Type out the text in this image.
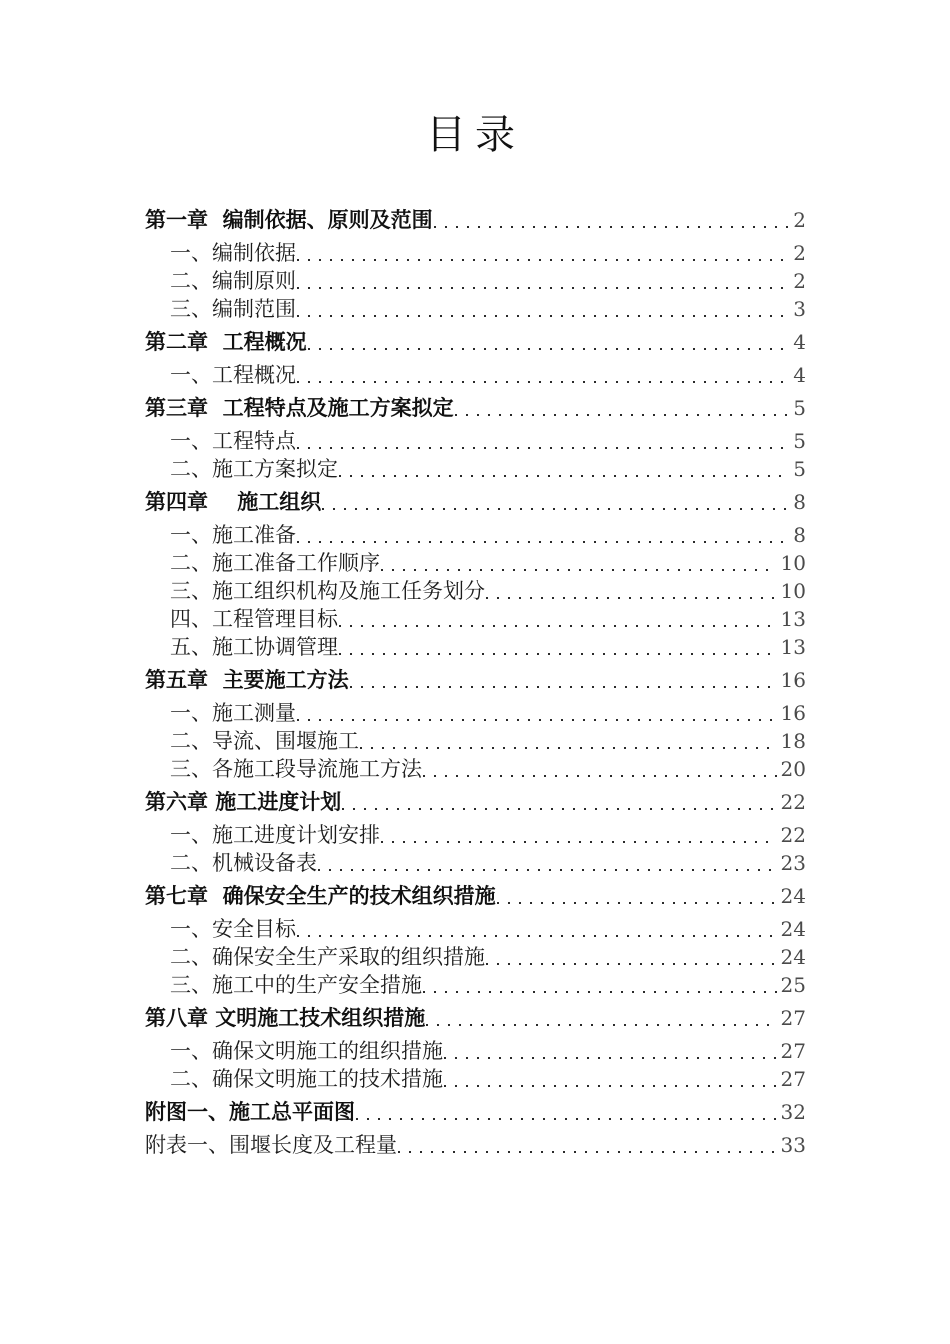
目录
第一章  编制依据、原则及范围	2
一、编制依据	2
二、编制原则	2
三、编制范围	3
第二章  工程概况	4
一、工程概况	4
第三章  工程特点及施工方案拟定	5
一、工程特点	5
二、施工方案拟定	5
第四章    施工组织	8
一、施工准备	8
二、施工准备工作顺序	10
三、施工组织机构及施工任务划分	10
四、工程管理目标	13
五、施工协调管理	13
第五章  主要施工方法	16
一、施工测量	16
二、导流、围堰施工	18
三、各施工段导流施工方法	20
第六章 施工进度计划	22
一、施工进度计划安排	22
二、机械设备表	23
第七章  确保安全生产的技术组织措施	24
一、安全目标	24
二、确保安全生产采取的组织措施	24
三、施工中的生产安全措施	25
第八章 文明施工技术组织措施	27
一、确保文明施工的组织措施	27
二、确保文明施工的技术措施	27
附图一、施工总平面图	32
附表一、围堰长度及工程量	33
